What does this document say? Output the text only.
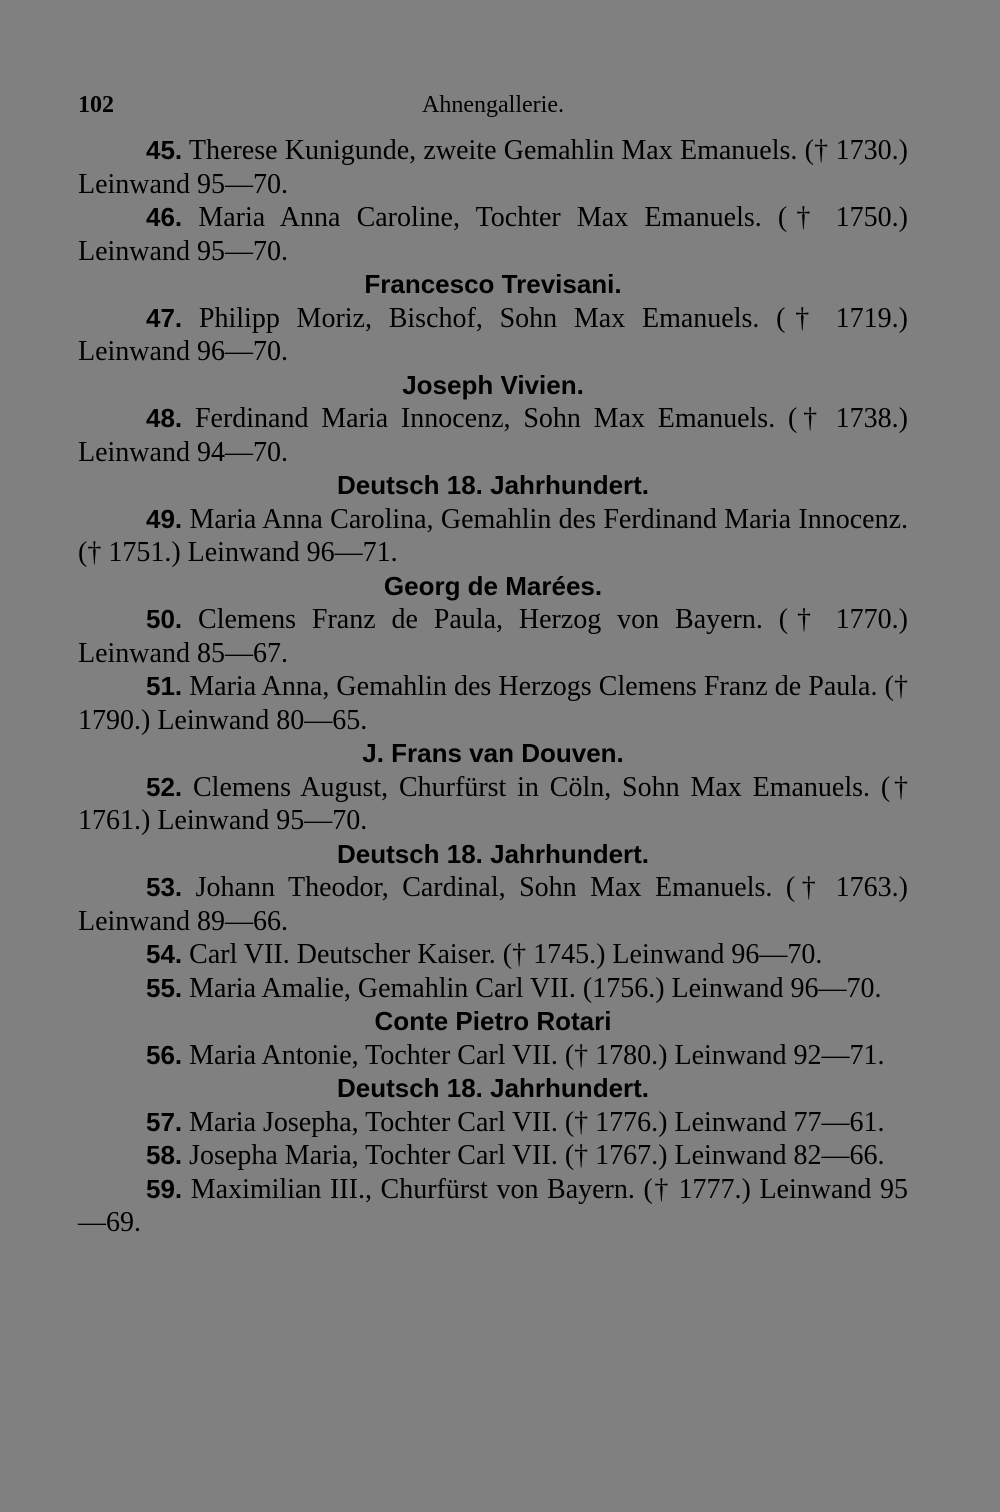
102	Ahnengallerie.
45. Therese Kunigunde, zweite Gemahlin Max Emanuels. († 1730.) Leinwand 95—70.
46. Maria Anna Caroline, Tochter Max Emanuels. († 1750.) Leinwand 95—70.
Francesco Trevisani.
47. Philipp Moriz, Bischof, Sohn Max Emanuels. († 1719.) Leinwand 96—70.
Joseph Vivien.
48. Ferdinand Maria Innocenz, Sohn Max Emanuels. († 1738.) Leinwand 94—70.
Deutsch 18. Jahrhundert.
49. Maria Anna Carolina, Gemahlin des Ferdinand Maria Innocenz. († 1751.) Leinwand 96—71.
Georg de Marées.
50. Clemens Franz de Paula, Herzog von Bayern. († 1770.) Leinwand 85—67.
51. Maria Anna, Gemahlin des Herzogs Clemens Franz de Paula. († 1790.) Leinwand 80—65.
J. Frans van Douven.
52. Clemens August, Churfürst in Cöln, Sohn Max Emanuels. († 1761.) Leinwand 95—70.
Deutsch 18. Jahrhundert.
53. Johann Theodor, Cardinal, Sohn Max Emanuels. († 1763.) Leinwand 89—66.
54. Carl VII. Deutscher Kaiser. († 1745.) Leinwand 96—70.
55. Maria Amalie, Gemahlin Carl VII. (1756.) Leinwand 96—70.
Conte Pietro Rotari
56. Maria Antonie, Tochter Carl VII. († 1780.) Leinwand 92—71.
Deutsch 18. Jahrhundert.
57. Maria Josepha, Tochter Carl VII. († 1776.) Leinwand 77—61.
58. Josepha Maria, Tochter Carl VII. († 1767.) Leinwand 82—66.
59. Maximilian III., Churfürst von Bayern. († 1777.) Leinwand 95—69.
